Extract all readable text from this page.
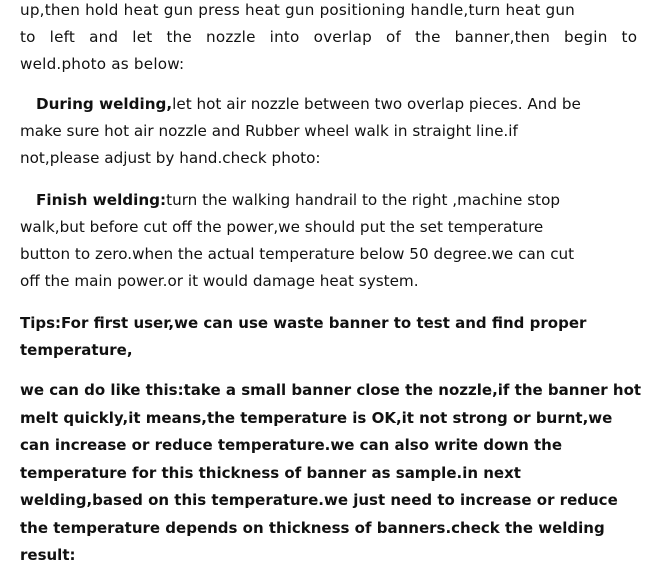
up,then hold heat gun press heat gun positioning handle,turn heat gun
to left and let the nozzle into overlap of the banner,then begin to
weld.photo as below:
During welding,let hot air nozzle between two overlap pieces. And be
make sure hot air nozzle and Rubber wheel walk in straight line.if
not,please adjust by hand.check photo:
Finish welding:turn the walking handrail to the right ,machine stop
walk,but before cut off the power,we should put the set temperature
button to zero.when the actual temperature below 50 degree.we can cut
off the main power.or it would damage heat system.
Tips:For first user,we can use waste banner to test and find proper
temperature,
we can do like this:take a small banner close the nozzle,if the banner hot
melt quickly,it means,the temperature is OK,it not strong or burnt,we
can increase or reduce temperature.we can also write down the
temperature for this thickness of banner as sample.in next
welding,based on this temperature.we just need to increase or reduce
the temperature depends on thickness of banners.check the welding
result:
